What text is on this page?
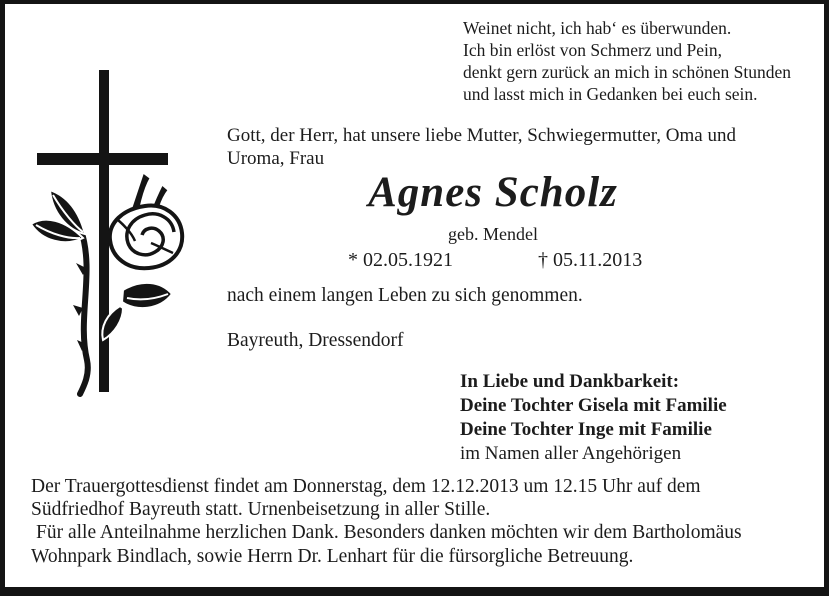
Weinet nicht, ich hab‘ es überwunden.
Ich bin erlöst von Schmerz und Pein,
denkt gern zurück an mich in schönen Stunden
und lasst mich in Gedanken bei euch sein.
Gott, der Herr, hat unsere liebe Mutter, Schwiegermutter, Oma und Uroma, Frau
Agnes Scholz
geb. Mendel
* 02.05.1921	† 05.11.2013
nach einem langen Leben zu sich genommen.
Bayreuth, Dressendorf
In Liebe und Dankbarkeit:
Deine Tochter Gisela mit Familie
Deine Tochter Inge mit Familie
im Namen aller Angehörigen
Der Trauergottesdienst findet am Donnerstag, dem 12.12.2013 um 12.15 Uhr auf dem
Südfriedhof Bayreuth statt. Urnenbeisetzung in aller Stille.
Für alle Anteilnahme herzlichen Dank. Besonders danken möchten wir dem Bartholomäus
Wohnpark Bindlach, sowie Herrn Dr. Lenhart für die fürsorgliche Betreuung.
